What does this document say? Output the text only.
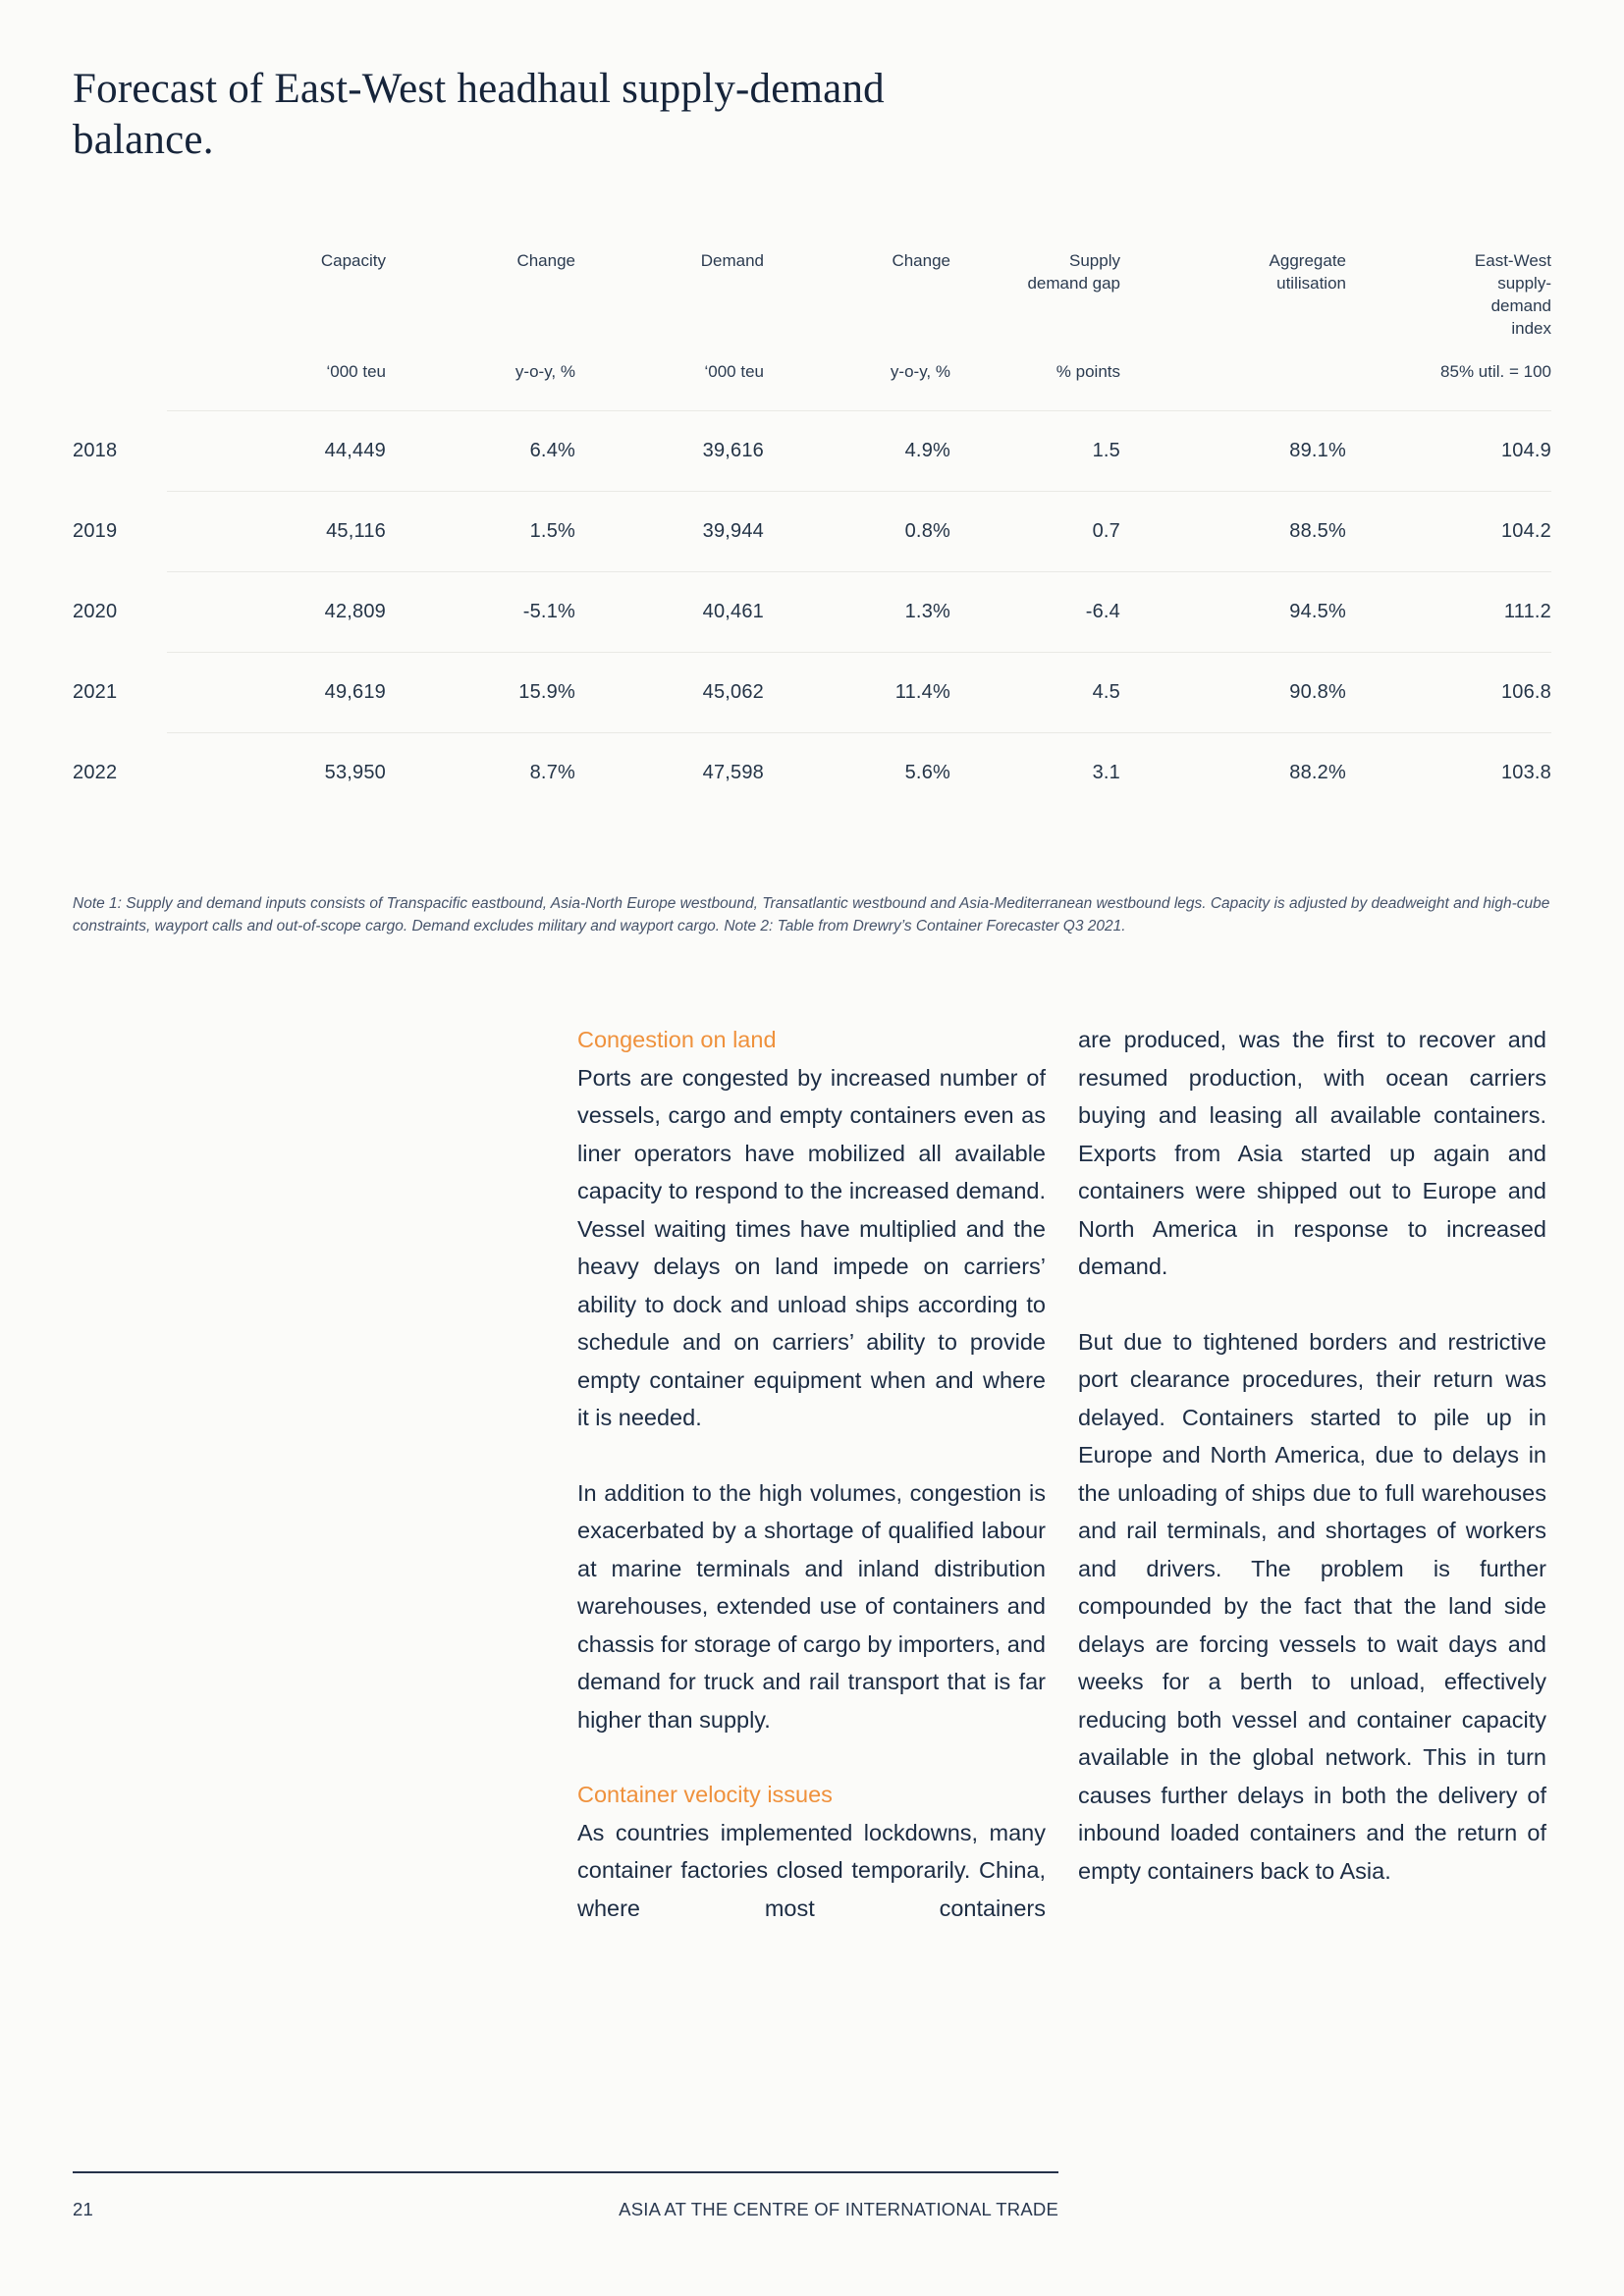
Forecast of East-West headhaul supply-demand
balance.
	Capacity	Change	Demand	Change	Supply demand gap	Aggregate utilisation	East-West supply-demand index
	‘000 teu	y-o-y, %	‘000 teu	y-o-y, %	% points		85% util. = 100
2018	44,449	6.4%	39,616	4.9%	1.5	89.1%	104.9
2019	45,116	1.5%	39,944	0.8%	0.7	88.5%	104.2
2020	42,809	-5.1%	40,461	1.3%	-6.4	94.5%	111.2
2021	49,619	15.9%	45,062	11.4%	4.5	90.8%	106.8
2022	53,950	8.7%	47,598	5.6%	3.1	88.2%	103.8

Note 1: Supply and demand inputs consists of Transpacific eastbound, Asia-North Europe westbound, Transatlantic westbound and Asia-Mediterranean westbound legs. Capacity is adjusted by deadweight and high-cube constraints, wayport calls and out-of-scope cargo. Demand excludes military and wayport cargo. Note 2: Table from Drewry’s Container Forecaster Q3 2021.

Congestion on land

Ports are congested by increased number of vessels, cargo and empty containers even as liner operators have mobilized all available capacity to respond to the increased demand. Vessel waiting times have multiplied and the heavy delays on land impede on carriers’ ability to dock and unload ships according to schedule and on carriers’ ability to provide empty container equipment when and where it is needed.

In addition to the high volumes, congestion is exacerbated by a shortage of qualified labour at marine terminals and inland distribution warehouses, extended use of containers and chassis for storage of cargo by importers, and demand for truck and rail transport that is far higher than supply.

Container velocity issues

As countries implemented lockdowns, many container factories closed temporarily. China, where most containers

are produced, was the first to recover and resumed production, with ocean carriers buying and leasing all available containers. Exports from Asia started up again and containers were shipped out to Europe and North America in response to increased demand.

But due to tightened borders and restrictive port clearance procedures, their return was delayed. Containers started to pile up in Europe and North America, due to delays in the unloading of ships due to full warehouses and rail terminals, and shortages of workers and drivers. The problem is further compounded by the fact that the land side delays are forcing vessels to wait days and weeks for a berth to unload, effectively reducing both vessel and container capacity available in the global network. This in turn causes further delays in both the delivery of inbound loaded containers and the return of empty containers back to Asia.

21	ASIA AT THE CENTRE OF INTERNATIONAL TRADE
